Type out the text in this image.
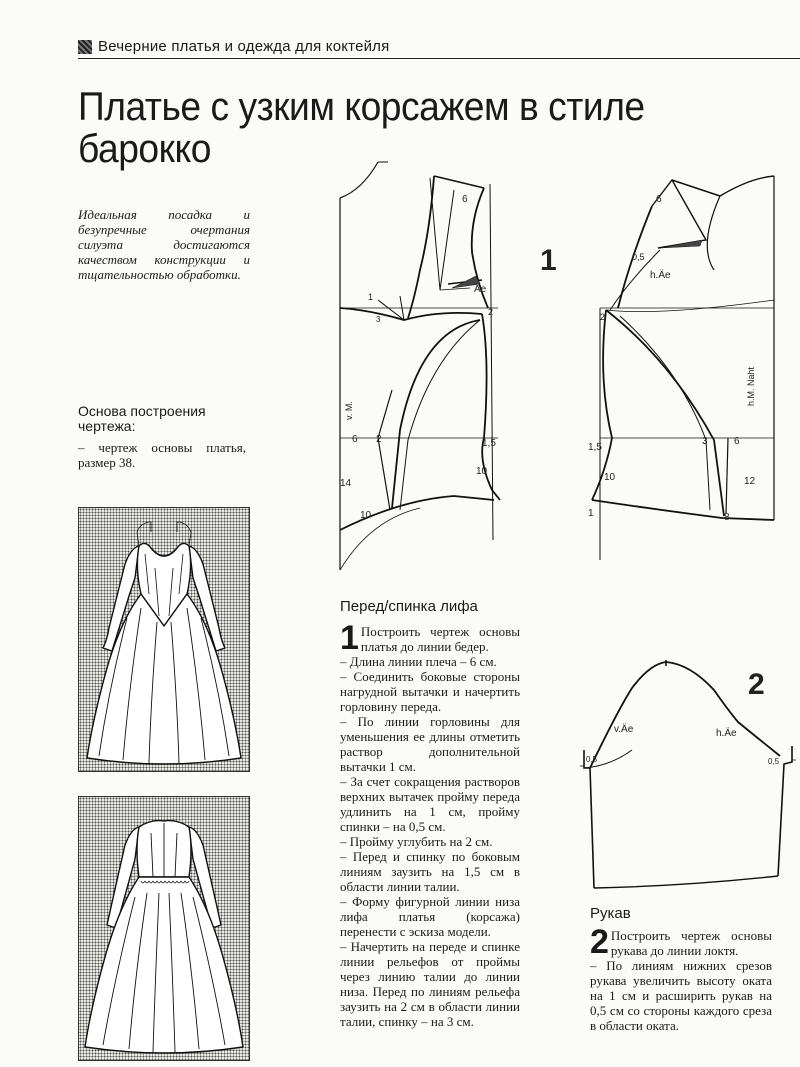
Вечерние платья и одежда для коктейля
Платье с узким корсажем в стиле
барокко
Идеальная посадка и безупречные очертания силуэта достигаются качеством конструкции и тщательностью обработки.
Основа построения чертежа:
– чертеж основы платья, размер 38.
6
Äe
1
3
2
v. M.
6 2	1,5
14
10
10
1
6
0,5
h.Äe
2
h.M. Naht
1,5
3	6
10	12
8
1
Перед/спинка лифа

1 Построить чертеж основы платья до линии бедер.

– Длина линии плеча – 6 см.

– Соединить боковые стороны нагрудной вытачки и начертить горловину переда.

– По линии горловины для уменьшения ее длины отметить раствор дополнительной вытачки 1 см.

– За счет сокращения растворов верхних вытачек пройму переда удлинить на 1 см, пройму спинки – на 0,5 см.

– Пройму углубить на 2 см.

– Перед и спинку по боковым линиям заузить на 1,5 см в области линии талии.

– Форму фигурной линии низа лифа платья (корсажа) перенести с эскиза модели.

– Начертить на переде и спинке линии рельефов от проймы через линию талии до линии низа. Перед по линиям рельефа заузить на 2 см в области линии талии, спинку – на 3 см.

v.Äe	h.Äe
0,5	0,5
2
Рукав

2 Построить чертеж основы рукава до линии локтя.

– По линиям нижних срезов рукава увеличить высоту оката на 1 см и расширить рукав на 0,5 см со стороны каждого среза в области оката.
